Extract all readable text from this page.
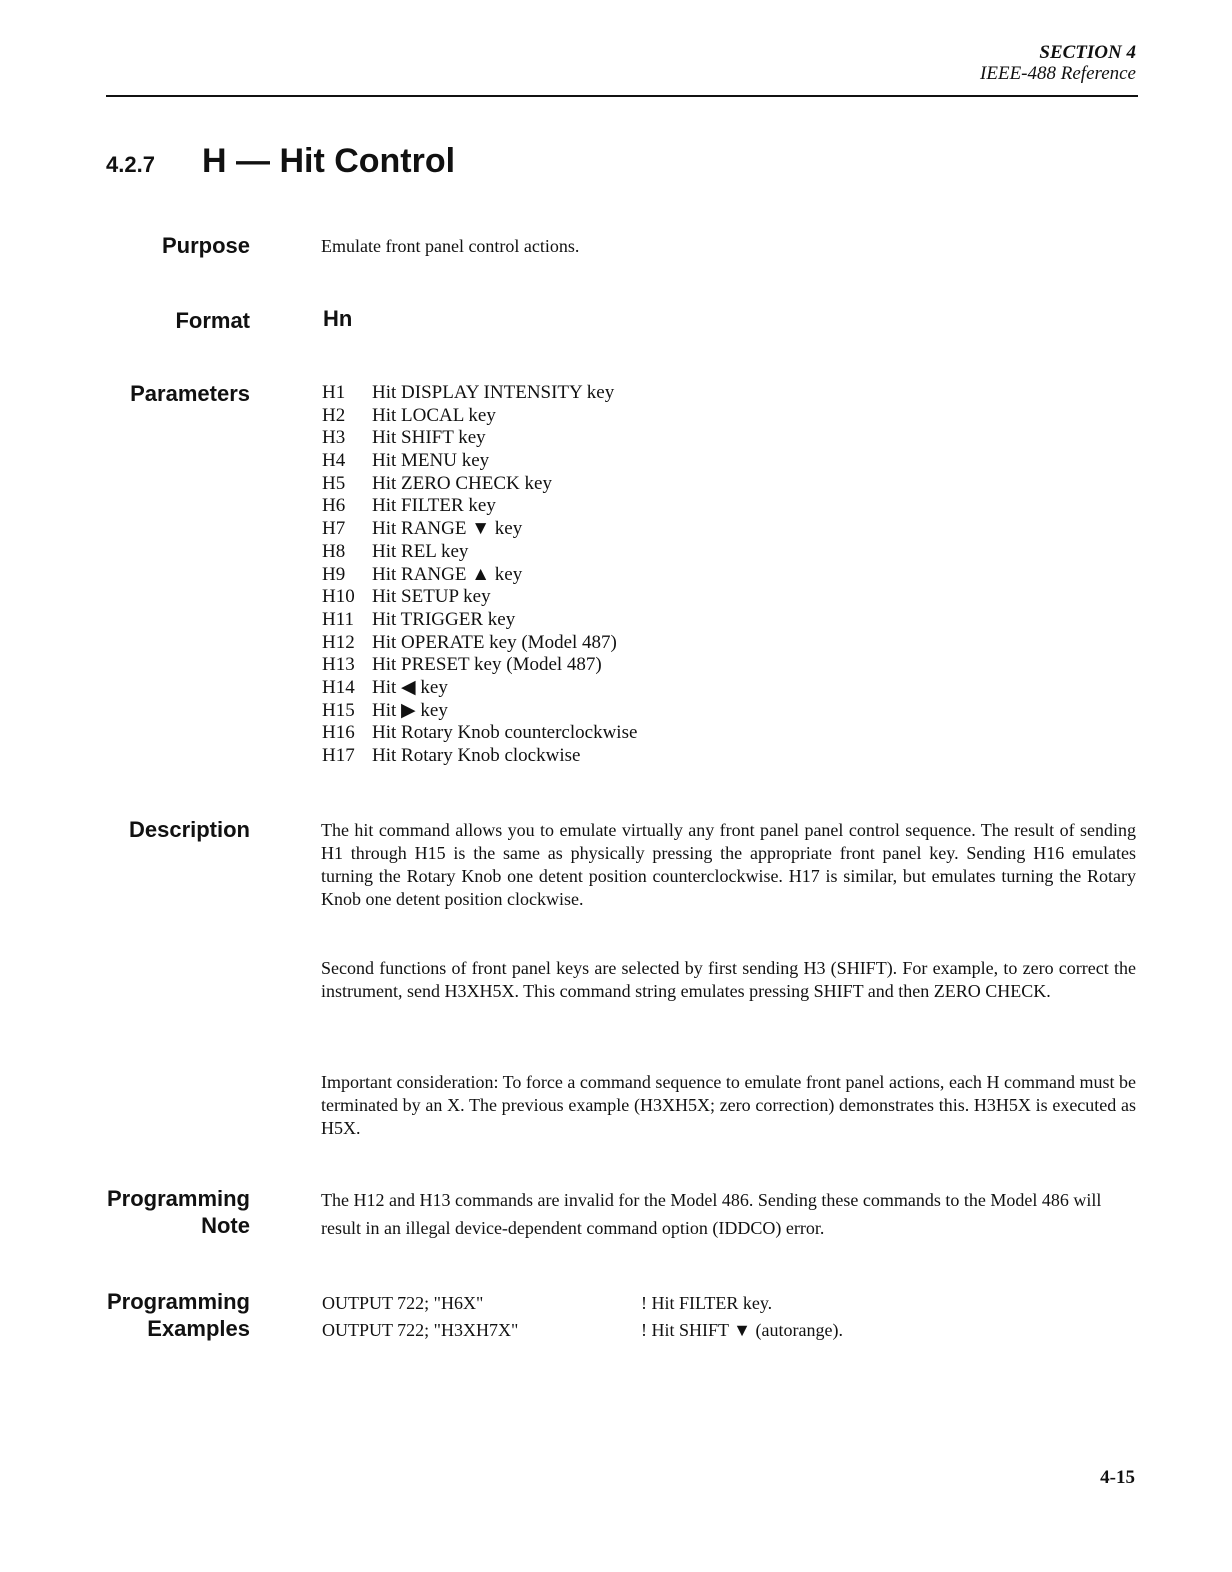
SECTION 4
IEEE-488 Reference
4.2.7 H — Hit Control
Purpose	Emulate front panel control actions.
Format	Hn
Parameters	H1 Hit DISPLAY INTENSITY key
H2 Hit LOCAL key
H3 Hit SHIFT key
H4 Hit MENU key
H5 Hit ZERO CHECK key
H6 Hit FILTER key
H7 Hit RANGE ▼ key
H8 Hit REL key
H9 Hit RANGE ▲ key
H10 Hit SETUP key
H11 Hit TRIGGER key
H12 Hit OPERATE key (Model 487)
H13 Hit PRESET key (Model 487)
H14 Hit ◀ key
H15 Hit ▶ key
H16 Hit Rotary Knob counterclockwise
H17 Hit Rotary Knob clockwise
Description	The hit command allows you to emulate virtually any front panel panel control sequence. The result of sending H1 through H15 is the same as physically pressing the appropriate front panel key. Sending H16 emulates turning the Rotary Knob one detent position counterclockwise. H17 is similar, but emulates turning the Rotary Knob one detent position clockwise.
Second functions of front panel keys are selected by first sending H3 (SHIFT). For example, to zero correct the instrument, send H3XH5X. This command string emulates pressing SHIFT and then ZERO CHECK.
Important consideration: To force a command sequence to emulate front panel actions, each H command must be terminated by an X. The previous example (H3XH5X; zero correction) demonstrates this. H3H5X is executed as H5X.
Programming
Note
The H12 and H13 commands are invalid for the Model 486. Sending these commands to the Model 486 will result in an illegal device-dependent command option (IDDCO) error.
Programming
Examples
OUTPUT 722; "H6X"	! Hit FILTER key.
OUTPUT 722; "H3XH7X"	! Hit SHIFT ▼ (autorange).
4-15
